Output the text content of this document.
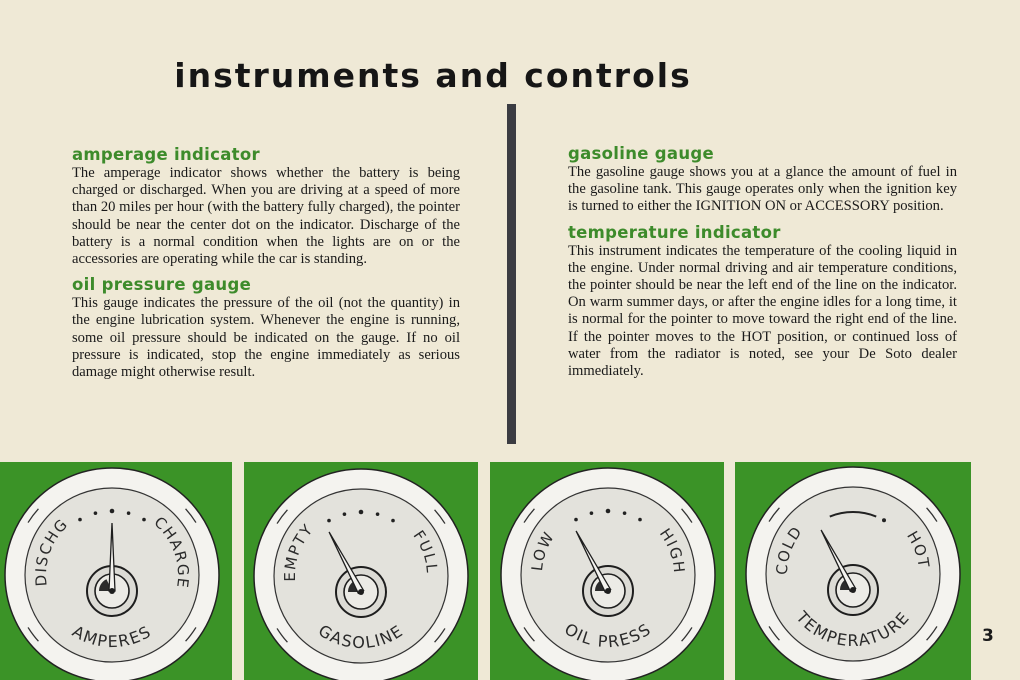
instruments and controls
amperage indicator

The amperage indicator shows whether the battery is being charged or discharged. When you are driving at a speed of more than 20 miles per hour (with the battery fully charged), the pointer should be near the center dot on the indicator. Discharge of the battery is a normal condition when the lights are on or the accessories are operating while the car is standing.

oil pressure gauge

This gauge indicates the pressure of the oil (not the quantity) in the engine lubrication system. Whenever the engine is running, some oil pressure should be indicated on the gauge. If no oil pressure is indicated, stop the engine immediately as serious damage might otherwise result.

gasoline gauge

The gasoline gauge shows you at a glance the amount of fuel in the gasoline tank. This gauge operates only when the ignition key is turned to either the IGNITION ON or ACCESSORY position.

temperature indicator

This instrument indicates the temperature of the cooling liquid in the engine. Under normal driving and air temperature conditions, the pointer should be near the left end of the line on the indicator. On warm summer days, or after the engine idles for a long time, it is normal for the pointer to move toward the right end of the line. If the pointer moves to the HOT position, or continued loss of water from the radiator is noted, see your De Soto dealer immediately.

DISCHG	CHARGE
AMPERES
EMPTY	FULL
GASOLINE
LOW	HIGH
OIL PRESS
COLD	HOT
TEMPERATURE
3
